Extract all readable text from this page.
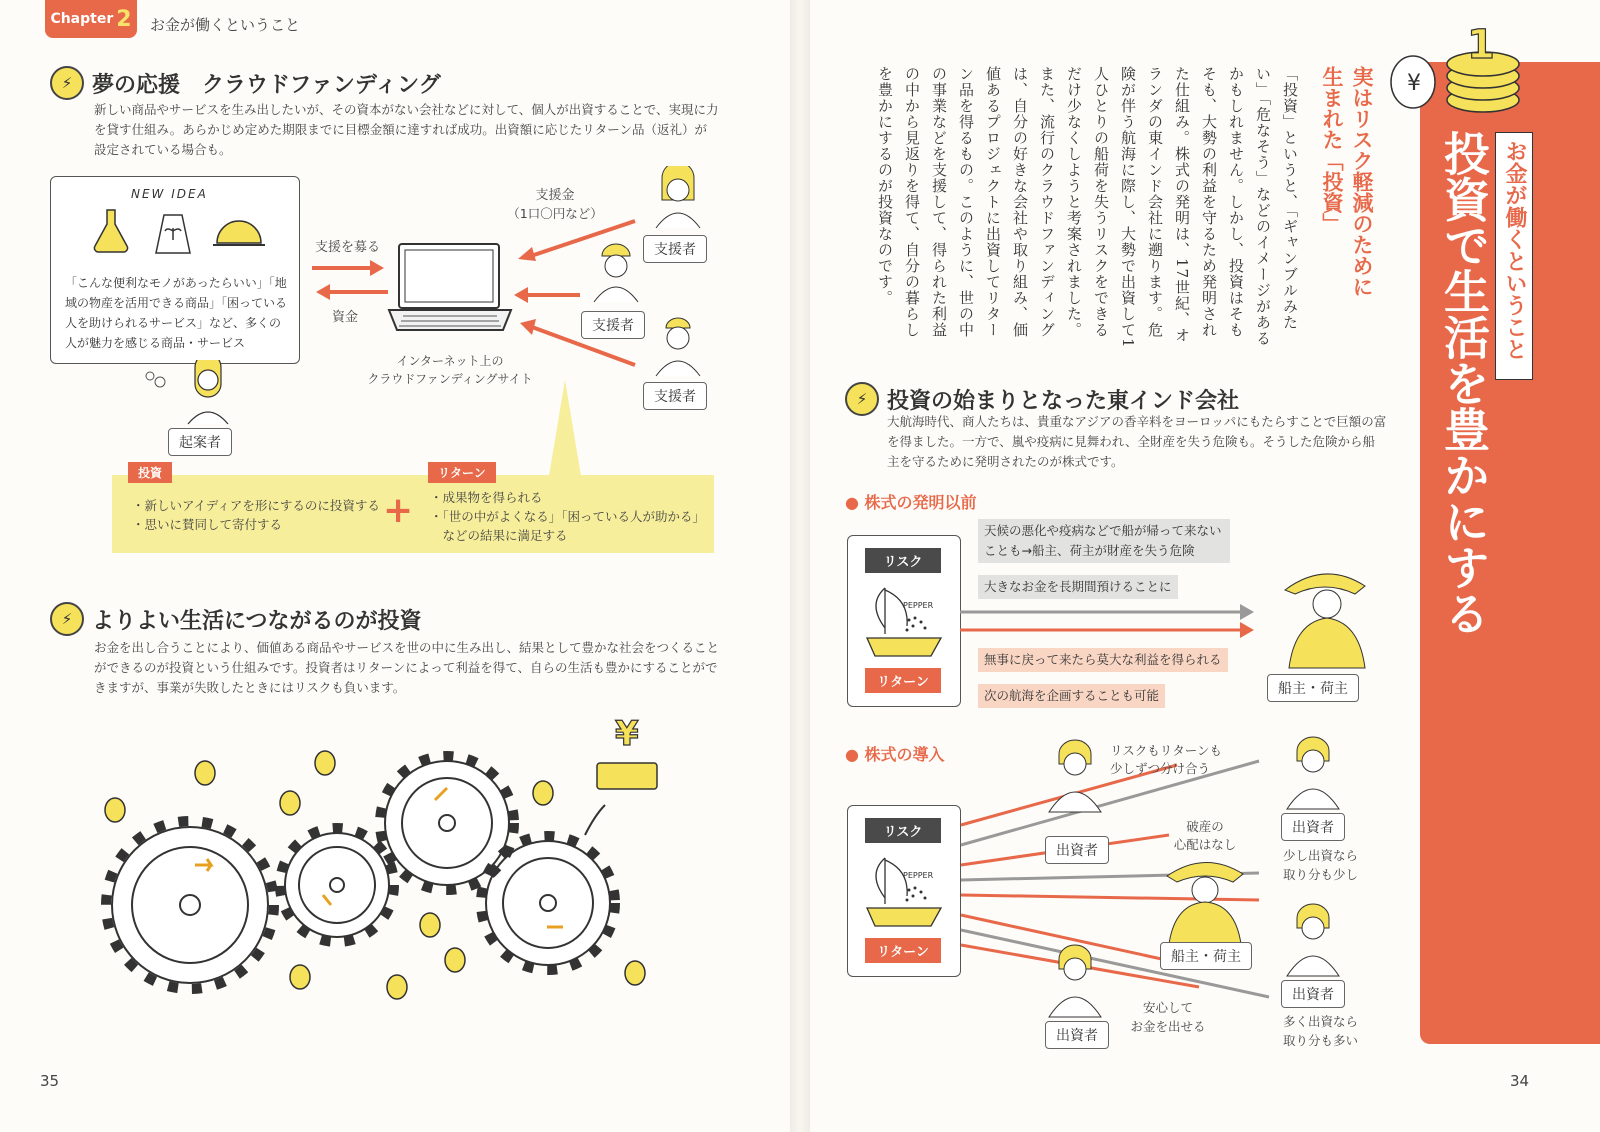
Chapter 2 お金が働くということ
⚡ 夢の応援　クラウドファンディング
新しい商品やサービスを生み出したいが、その資本がない会社などに対して、個人が出資することで、実現に力を貸す仕組み。あらかじめ定めた期限までに目標金額に達すれば成功。出資額に応じたリターン品（返礼）が設定されている場合も。
NEW IDEA
「こんな便利なモノがあったらいい」「地域の物産を活用できる商品」「困っている人を助けられるサービス」など、多くの人が魅力を感じる商品・サービス
起案者
支援を募る
資金
インターネット上の
クラウドファンディングサイト
支援金
（1口〇円など）
支援者
支援者
支援者
投資
・新しいアイディアを形にするのに投資する
・思いに賛同して寄付する	+
リターン
・成果物を得られる
・「世の中がよくなる」「困っている人が助かる」
　などの結果に満足する
⚡ よりよい生活につながるのが投資
お金を出し合うことにより、価値ある商品やサービスを世の中に生み出し、結果として豊かな社会をつくることができるのが投資という仕組みです。投資者はリターンによって利益を得て、自らの生活も豊かにすることができますが、事業が失敗したときにはリスクも負います。
¥
35
¥
1
お金が働くということ
投資で生活を豊かにする
実はリスク軽減のために
生まれた「投資」
「投資」というと、「ギャンブルみたい」「危なそう」などのイメージがあるかもしれません。しかし、投資はそもそも、大勢の利益を守るため発明された仕組み。株式の発明は、17世紀、オランダの東インド会社に遡ります。危険が伴う航海に際し、大勢で出資して1人ひとりの船荷を失うリスクをできるだけ少なくしようと考案されました。また、流行のクラウドファンディングは、自分の好きな会社や取り組み、価値あるプロジェクトに出資してリターン品を得るもの。このように、世の中の事業などを支援して、得られた利益の中から見返りを得て、自分の暮らしを豊かにするのが投資なのです。
⚡ 投資の始まりとなった東インド会社
大航海時代、商人たちは、貴重なアジアの香辛料をヨーロッパにもたらすことで巨額の富を得ました。一方で、嵐や疫病に見舞われ、全財産を失う危険も。そうした危険から船主を守るために発明されたのが株式です。
● 株式の発明以前
リスク
PEPPER
リターン
天候の悪化や疫病などで船が帰って来ないことも→船主、荷主が財産を失う危険
大きなお金を長期間預けることに
無事に戻って来たら莫大な利益を得られる
次の航海を企画することも可能	船主・荷主
● 株式の導入
リスク
PEPPER
リターン
リスクもリターンも
少しずつ分け合う
出資者
破産の
心配はなし
船主・荷主
出資者
少し出資なら
取り分も少し
出資者
安心して
お金を出せる
出資者
多く出資なら
取り分も多い
34
